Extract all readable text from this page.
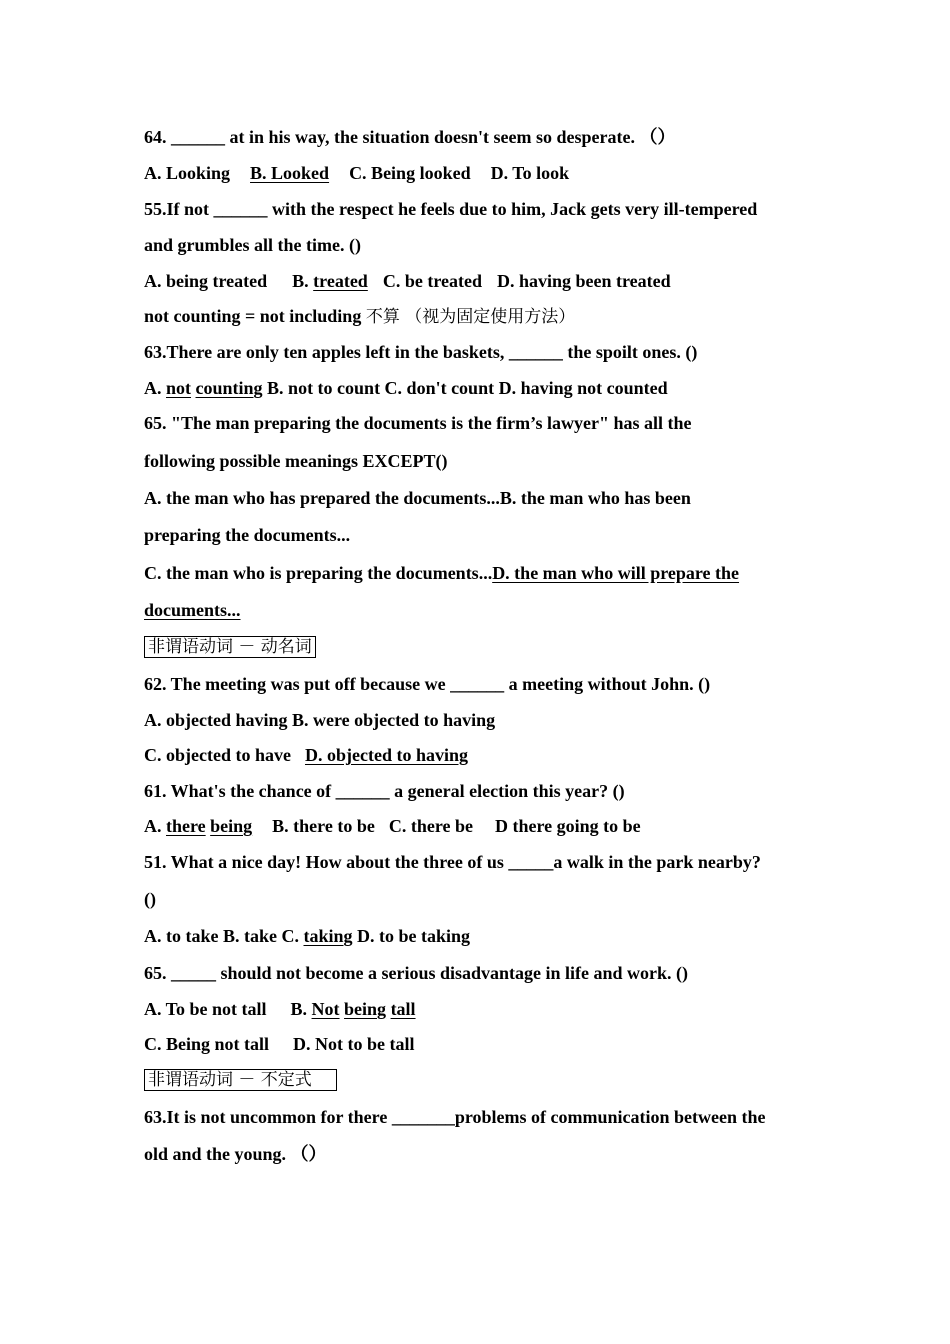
64. ______ at in his way, the situation doesn't seem so desperate. （）
A. Looking B. Looked C. Being looked D. To look
55.If not ______ with the respect he feels due to him, Jack gets very ill-tempered
and grumbles all the time. ()
A. being treated B. treated C. be treated D. having been treated
not counting = not including 不算 （视为固定使用方法）
63.There are only ten apples left in the baskets, ______ the spoilt ones. ()
A. not counting B. not to count C. don't count D. having not counted
65. "The man preparing the documents is the firm’s lawyer" has all the
following possible meanings EXCEPT()
A. the man who has prepared the documents...B. the man who has been
preparing the documents...
C. the man who is preparing the documents...D. the man who will prepare the
documents...
非谓语动词 － 动名词
62. The meeting was put off because we ______ a meeting without John. ()
A. objected having B. were objected to having
C. objected to have D. objected to having
61. What's the chance of ______ a general election this year? ()
A. there being B. there to be C. there be D there going to be
51. What a nice day! How about the three of us _____a walk in the park nearby?
()
A. to take B. take C. taking D. to be taking
65. _____ should not become a serious disadvantage in life and work. ()
A. To be not tall B. Not being tall
C. Being not tall D. Not to be tall
非谓语动词 － 不定式
63.It is not uncommon for there _______problems of communication between the
old and the young. （）
